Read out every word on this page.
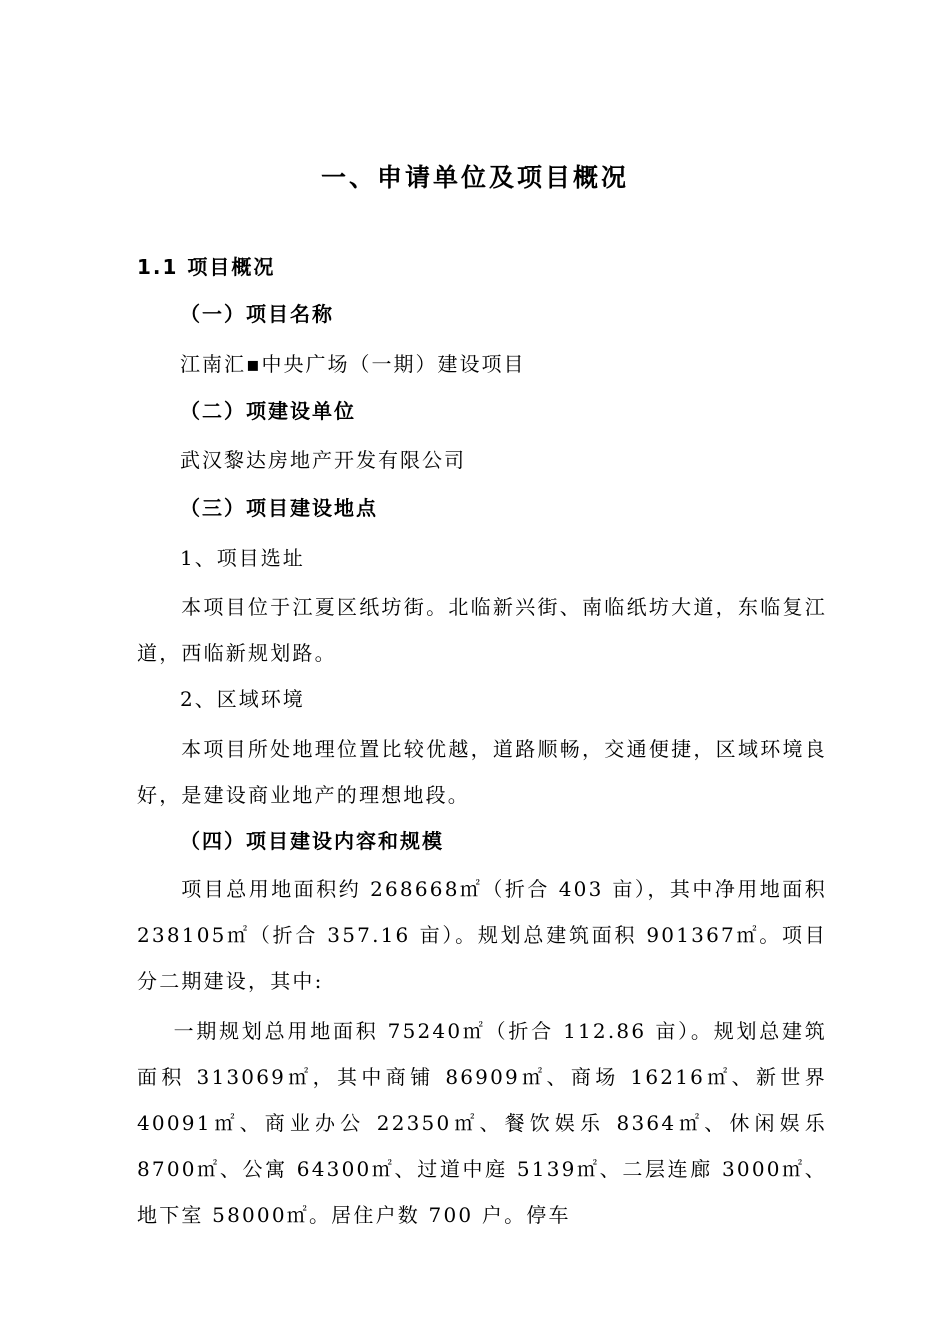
一、申请单位及项目概况
1.1 项目概况
（一）项目名称
江南汇▪中央广场（一期）建设项目
（二）项建设单位
武汉黎达房地产开发有限公司
（三）项目建设地点
1、项目选址
本项目位于江夏区纸坊街。北临新兴街、南临纸坊大道，东临复江道，西临新规划路。
2、区域环境
本项目所处地理位置比较优越，道路顺畅，交通便捷，区域环境良好，是建设商业地产的理想地段。
（四）项目建设内容和规模
项目总用地面积约 268668㎡（折合 403 亩），其中净用地面积 238105㎡（折合 357.16 亩）。规划总建筑面积 901367㎡。项目分二期建设，其中:
一期规划总用地面积 75240㎡（折合 112.86 亩）。规划总建筑面积 313069㎡，其中商铺 86909㎡、商场 16216㎡、新世界 40091㎡、商业办公 22350㎡、餐饮娱乐 8364㎡、休闲娱乐 8700㎡、公寓 64300㎡、过道中庭 5139㎡、二层连廊 3000㎡、地下室 58000㎡。居住户数 700 户。停车
